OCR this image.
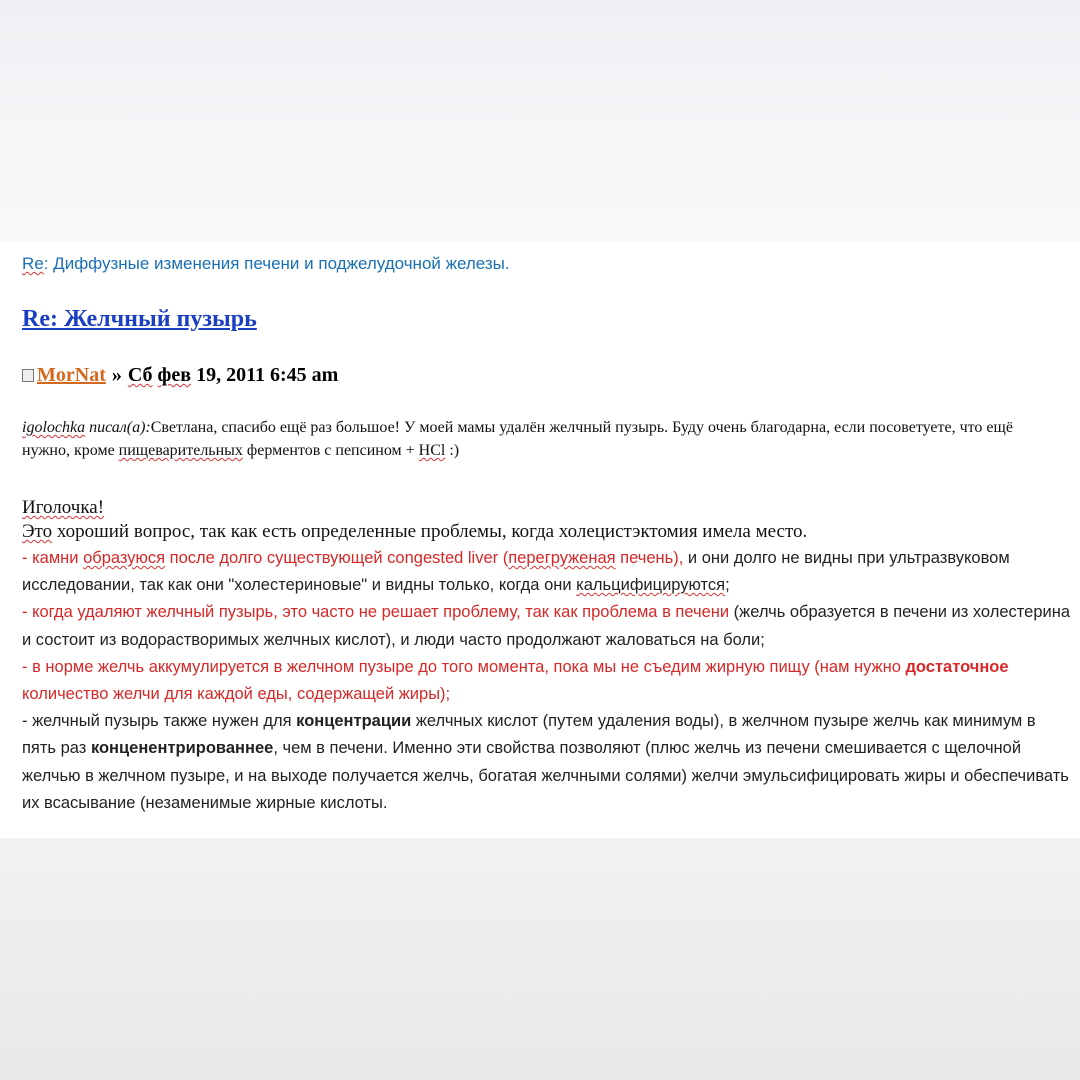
Re: Диффузные изменения печени и поджелудочной железы.
Re: Желчный пузырь
MorNat » Сб фев 19, 2011 6:45 am
igolochka писал(а):Светлана, спасибо ещё раз большое! У моей мамы удалён желчный пузырь. Буду очень благодарна, если посоветуете, что ещё нужно, кроме пищеварительных ферментов с пепсином + HCl :)
Иголочка!
Это хороший вопрос, так как есть определенные проблемы, когда холецистэктомия имела место.
- камни образуюся после долго существующей congested liver (перегруженая печень), и они долго не видны при ультразвуковом исследовании, так как они "холестериновые" и видны только, когда они кальцифицируются;
- когда удаляют желчный пузырь, это часто не решает проблему, так как проблема в печени (желчь образуется в печени из холестерина и состоит из водорастворимых желчных кислот), и люди часто продолжают жаловаться на боли;
- в норме желчь аккумулируется в желчном пузыре до того момента, пока мы не съедим жирную пищу (нам нужно достаточное количество желчи для каждой еды, содержащей жиры);
- желчный пузырь также нужен для концентрации желчных кислот (путем удаления воды), в желчном пузыре желчь как минимум в пять раз конценентрированнее, чем в печени. Именно эти свойства позволяют (плюс желчь из печени смешивается с щелочной желчью в желчном пузыре, и на выходе получается желчь, богатая желчными солями) желчи эмульсифицировать жиры и обеспечивать их всасывание (незаменимые жирные кислоты.
